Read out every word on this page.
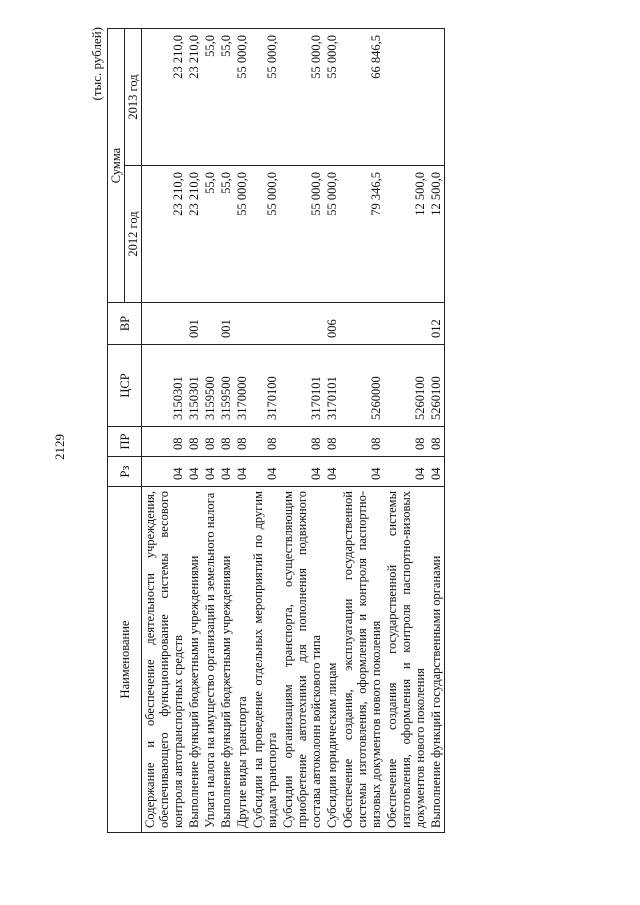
2129
(тыс. рублей)
Наименование	Рз	ПР	ЦСР	ВР	Сумма	
					2012 год	2013 год
Содержание и обеспечение деятельности учреждения, обеспечивающего функционирование системы весового контроля автотранспортных средств	04	08	3150301		23 210,0	23 210,0
Выполнение функций бюджетными учреждениями	04	08	3150301	001	23 210,0	23 210,0
Уплата налога на имущество организаций и земельного налога	04	08	3159500		55,0	55,0
Выполнение функций бюджетными учреждениями	04	08	3159500	001	55,0	55,0
Другие виды транспорта	04	08	3170000		55 000,0	55 000,0
Субсидии на проведение отдельных мероприятий по другим видам транспорта	04	08	3170100		55 000,0	55 000,0
Субсидии организациям транспорта, осуществляющим приобретение автотехники для пополнения подвижного состава автоколонн войскового типа	04	08	3170101		55 000,0	55 000,0
Субсидии юридическим лицам	04	08	3170101	006	55 000,0	55 000,0
Обеспечение создания, эксплуатации государственной системы изготовления, оформления и контроля паспортно-визовых документов нового поколения	04	08	5260000		79 346,5	66 846,5
Обеспечение создания государственной системы изготовления, оформления и контроля паспортно-визовых документов нового поколения	04	08	5260100		12 500,0	
Выполнение функций государственными органами	04	08	5260100	012	12 500,0	
